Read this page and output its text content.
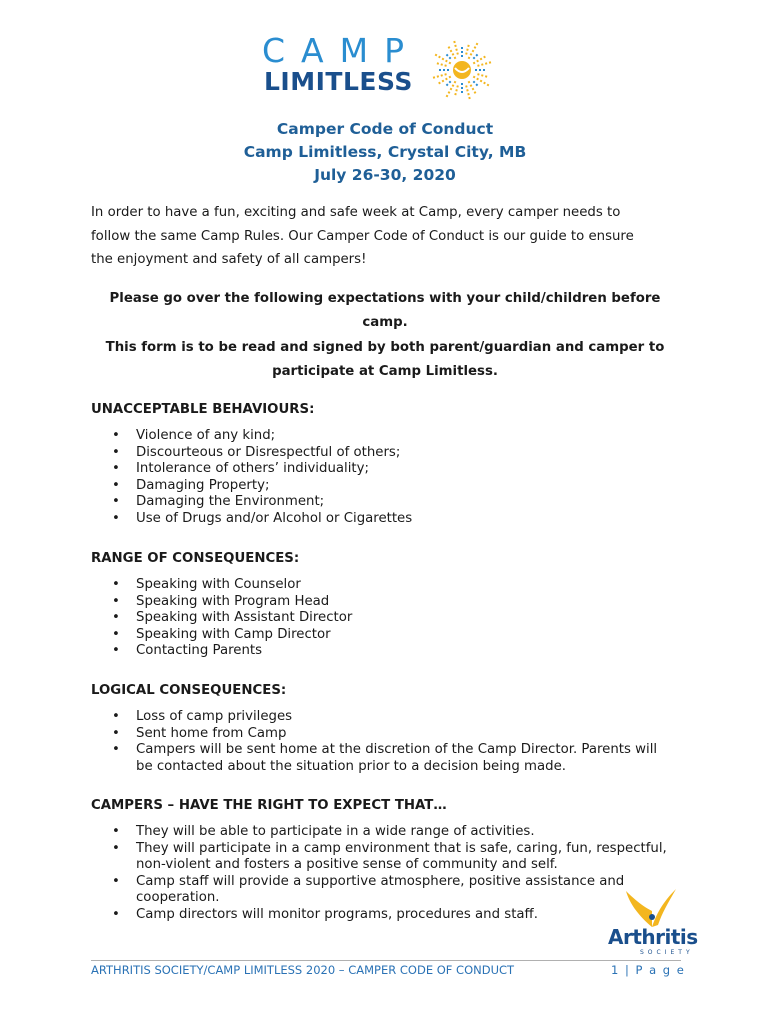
CAMP
LIMITLESS
Camper Code of Conduct
Camp Limitless, Crystal City, MB
July 26-30, 2020

In order to have a fun, exciting and safe week at Camp, every camper needs to

follow the same Camp Rules. Our Camper Code of Conduct is our guide to ensure

the enjoyment and safety of all campers!

Please go over the following expectations with your child/children before
camp.
This form is to be read and signed by both parent/guardian and camper to
participate at Camp Limitless.
UNACCEPTABLE BEHAVIOURS:
• Violence of any kind;
• Discourteous or Disrespectful of others;
• Intolerance of others’ individuality;
• Damaging Property;
• Damaging the Environment;
• Use of Drugs and/or Alcohol or Cigarettes
RANGE OF CONSEQUENCES:
• Speaking with Counselor
• Speaking with Program Head
• Speaking with Assistant Director
• Speaking with Camp Director
• Contacting Parents
LOGICAL CONSEQUENCES:
• Loss of camp privileges
• Sent home from Camp
• Campers will be sent home at the discretion of the Camp Director. Parents will be contacted about the situation prior to a decision being made.
CAMPERS – HAVE THE RIGHT TO EXPECT THAT…
• They will be able to participate in a wide range of activities.
• They will participate in a camp environment that is safe, caring, fun, respectful, non-violent and fosters a positive sense of community and self.
• Camp staff will provide a supportive atmosphere, positive assistance and cooperation.
• Camp directors will monitor programs, procedures and staff.
Arthritis
SOCIETY
ARTHRITIS SOCIETY/CAMP LIMITLESS 2020 – CAMPER CODE OF CONDUCT	1 | P a g e
